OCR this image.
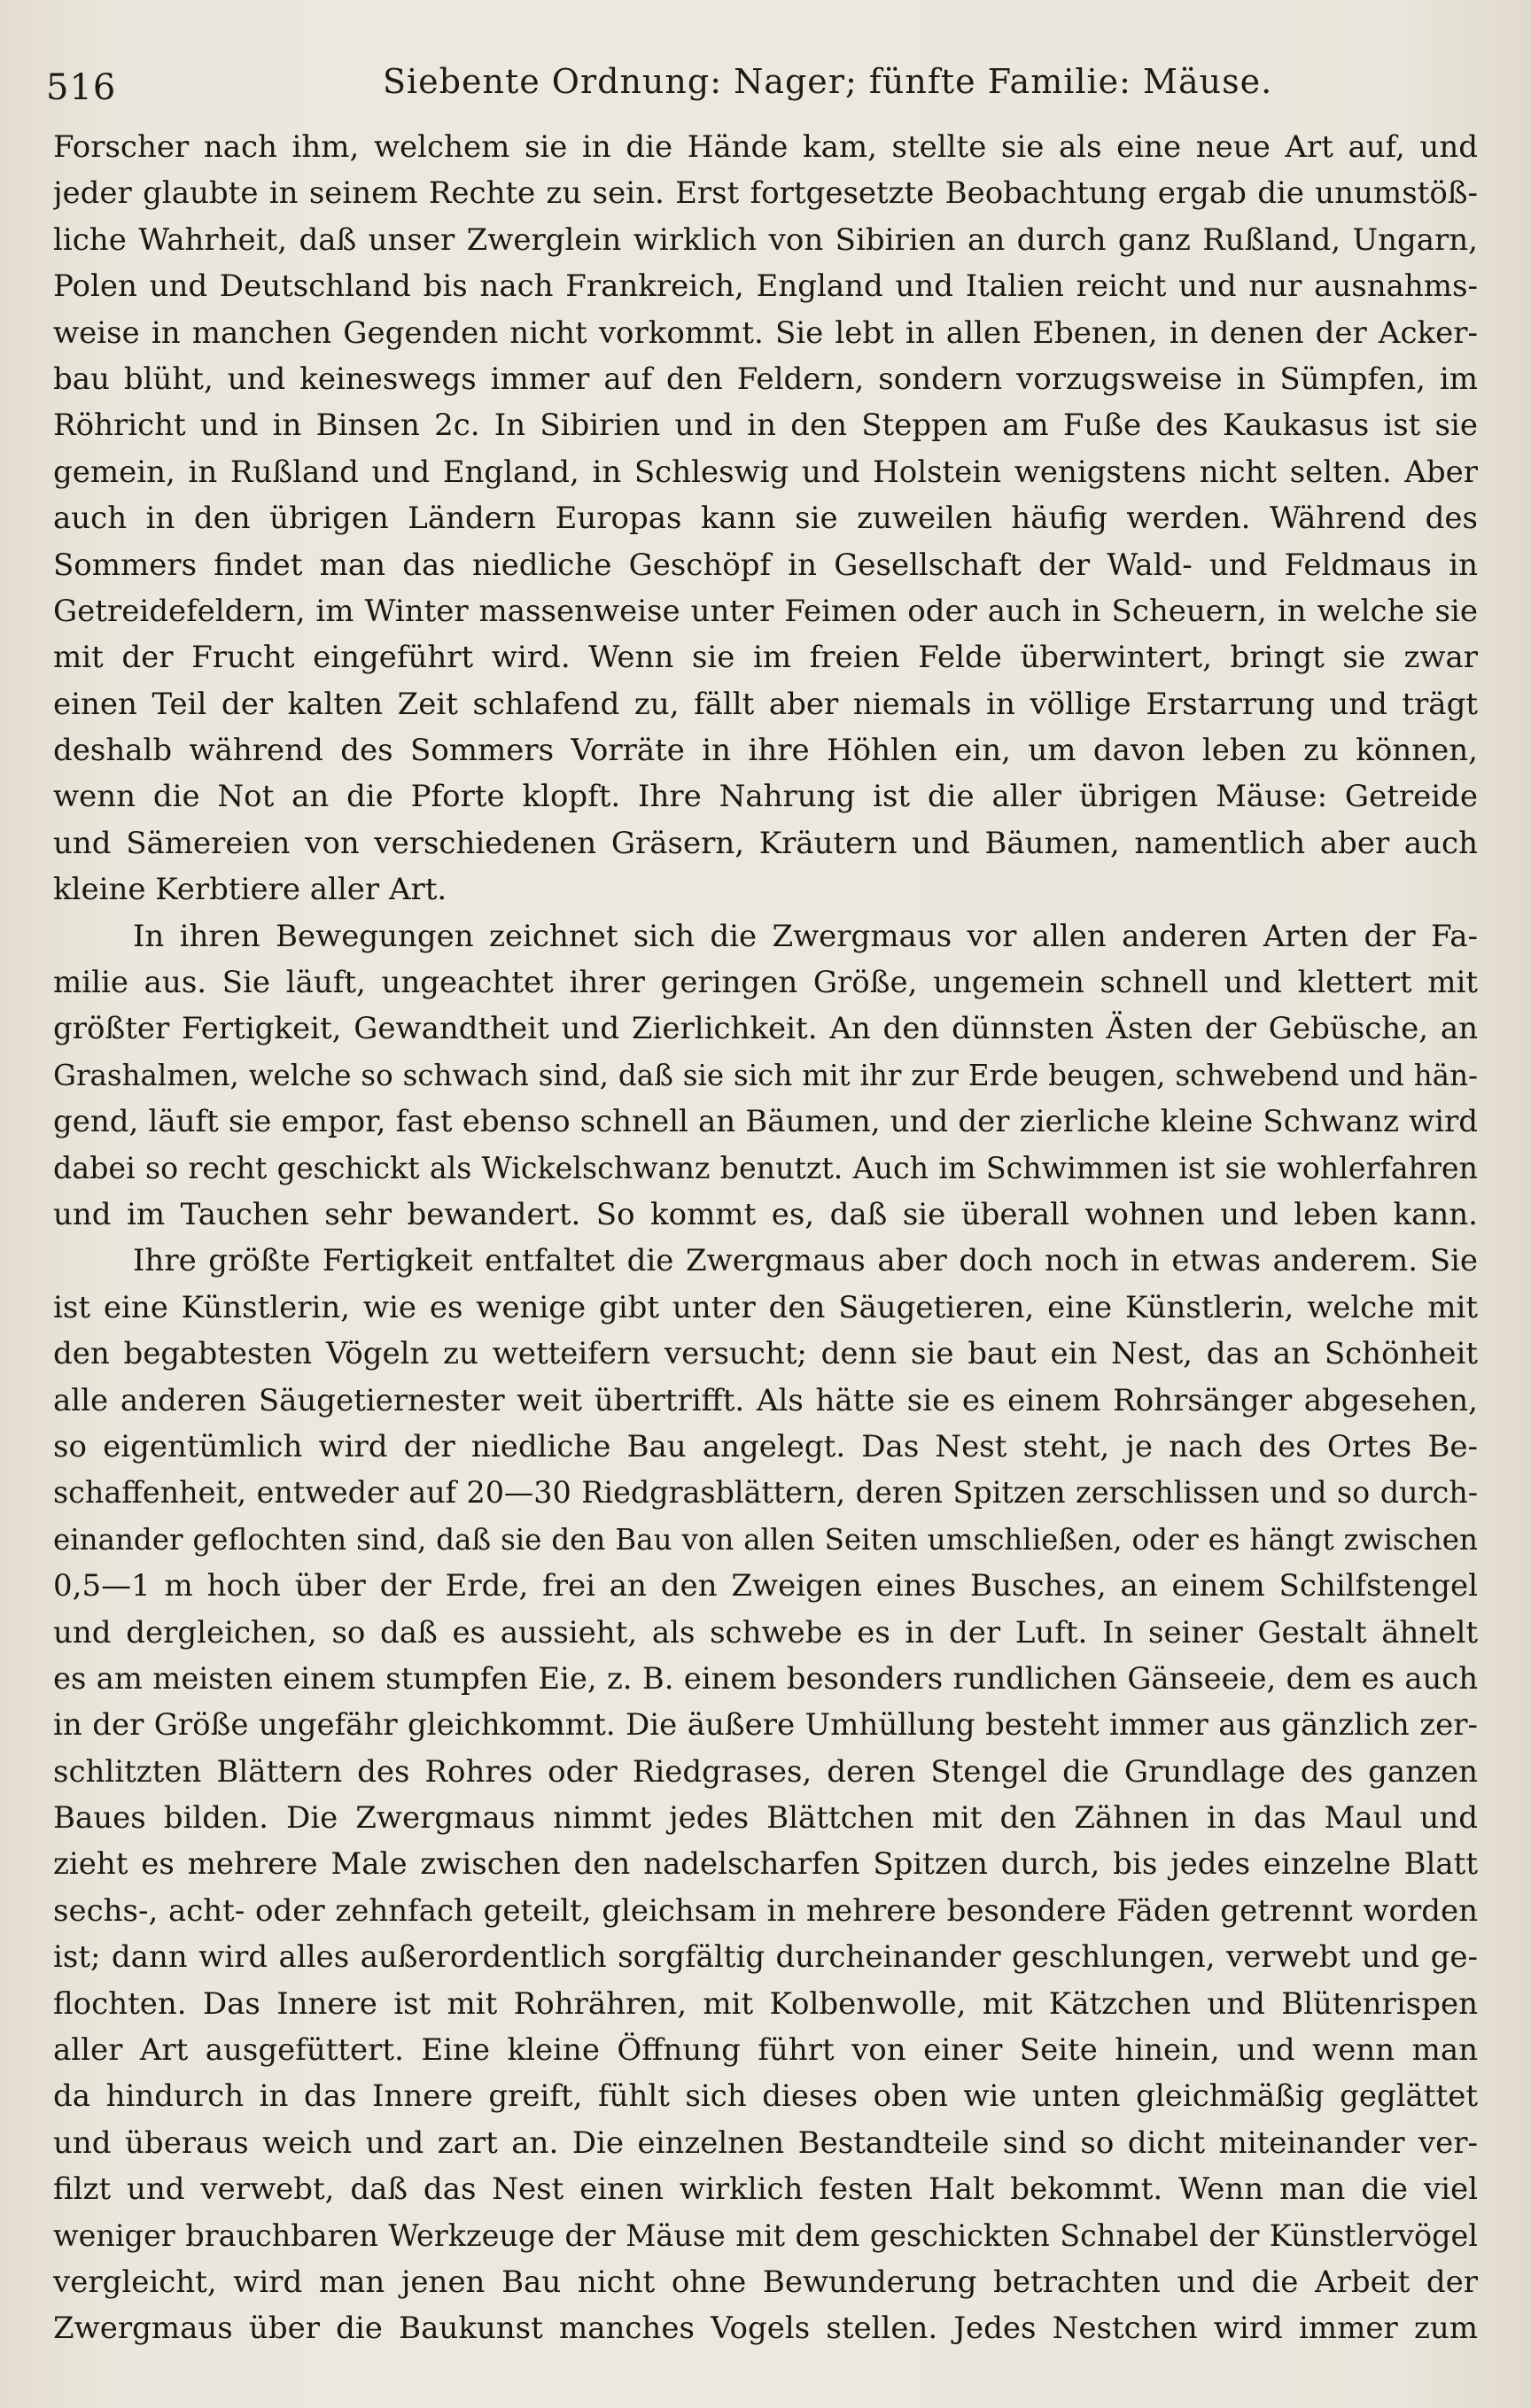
516	Siebente Ordnung: Nager; fünfte Familie: Mäuse.
Forscher nach ihm, welchem sie in die Hände kam, stellte sie als eine neue Art auf, und
jeder glaubte in seinem Rechte zu sein. Erst fortgesetzte Beobachtung ergab die unumstöß-
liche Wahrheit, daß unser Zwerglein wirklich von Sibirien an durch ganz Rußland, Ungarn,
Polen und Deutschland bis nach Frankreich, England und Italien reicht und nur ausnahms-
weise in manchen Gegenden nicht vorkommt. Sie lebt in allen Ebenen, in denen der Acker-
bau blüht, und keineswegs immer auf den Feldern, sondern vorzugsweise in Sümpfen, im
Röhricht und in Binsen 2c. In Sibirien und in den Steppen am Fuße des Kaukasus ist sie
gemein, in Rußland und England, in Schleswig und Holstein wenigstens nicht selten. Aber
auch in den übrigen Ländern Europas kann sie zuweilen häufig werden. Während des
Sommers findet man das niedliche Geschöpf in Gesellschaft der Wald- und Feldmaus in
Getreidefeldern, im Winter massenweise unter Feimen oder auch in Scheuern, in welche sie
mit der Frucht eingeführt wird. Wenn sie im freien Felde überwintert, bringt sie zwar
einen Teil der kalten Zeit schlafend zu, fällt aber niemals in völlige Erstarrung und trägt
deshalb während des Sommers Vorräte in ihre Höhlen ein, um davon leben zu können,
wenn die Not an die Pforte klopft. Ihre Nahrung ist die aller übrigen Mäuse: Getreide
und Sämereien von verschiedenen Gräsern, Kräutern und Bäumen, namentlich aber auch
kleine Kerbtiere aller Art.
In ihren Bewegungen zeichnet sich die Zwergmaus vor allen anderen Arten der Fa-
milie aus. Sie läuft, ungeachtet ihrer geringen Größe, ungemein schnell und klettert mit
größter Fertigkeit, Gewandtheit und Zierlichkeit. An den dünnsten Ästen der Gebüsche, an
Grashalmen, welche so schwach sind, daß sie sich mit ihr zur Erde beugen, schwebend und hän-
gend, läuft sie empor, fast ebenso schnell an Bäumen, und der zierliche kleine Schwanz wird
dabei so recht geschickt als Wickelschwanz benutzt. Auch im Schwimmen ist sie wohlerfahren
und im Tauchen sehr bewandert. So kommt es, daß sie überall wohnen und leben kann.
Ihre größte Fertigkeit entfaltet die Zwergmaus aber doch noch in etwas anderem. Sie
ist eine Künstlerin, wie es wenige gibt unter den Säugetieren, eine Künstlerin, welche mit
den begabtesten Vögeln zu wetteifern versucht; denn sie baut ein Nest, das an Schönheit
alle anderen Säugetiernester weit übertrifft. Als hätte sie es einem Rohrsänger abgesehen,
so eigentümlich wird der niedliche Bau angelegt. Das Nest steht, je nach des Ortes Be-
schaffenheit, entweder auf 20—30 Riedgrasblättern, deren Spitzen zerschlissen und so durch-
einander geflochten sind, daß sie den Bau von allen Seiten umschließen, oder es hängt zwischen
0,5—1 m hoch über der Erde, frei an den Zweigen eines Busches, an einem Schilfstengel
und dergleichen, so daß es aussieht, als schwebe es in der Luft. In seiner Gestalt ähnelt
es am meisten einem stumpfen Eie, z. B. einem besonders rundlichen Gänseeie, dem es auch
in der Größe ungefähr gleichkommt. Die äußere Umhüllung besteht immer aus gänzlich zer-
schlitzten Blättern des Rohres oder Riedgrases, deren Stengel die Grundlage des ganzen
Baues bilden. Die Zwergmaus nimmt jedes Blättchen mit den Zähnen in das Maul und
zieht es mehrere Male zwischen den nadelscharfen Spitzen durch, bis jedes einzelne Blatt
sechs-, acht- oder zehnfach geteilt, gleichsam in mehrere besondere Fäden getrennt worden
ist; dann wird alles außerordentlich sorgfältig durcheinander geschlungen, verwebt und ge-
flochten. Das Innere ist mit Rohrähren, mit Kolbenwolle, mit Kätzchen und Blütenrispen
aller Art ausgefüttert. Eine kleine Öffnung führt von einer Seite hinein, und wenn man
da hindurch in das Innere greift, fühlt sich dieses oben wie unten gleichmäßig geglättet
und überaus weich und zart an. Die einzelnen Bestandteile sind so dicht miteinander ver-
filzt und verwebt, daß das Nest einen wirklich festen Halt bekommt. Wenn man die viel
weniger brauchbaren Werkzeuge der Mäuse mit dem geschickten Schnabel der Künstlervögel
vergleicht, wird man jenen Bau nicht ohne Bewunderung betrachten und die Arbeit der
Zwergmaus über die Baukunst manches Vogels stellen. Jedes Nestchen wird immer zum
